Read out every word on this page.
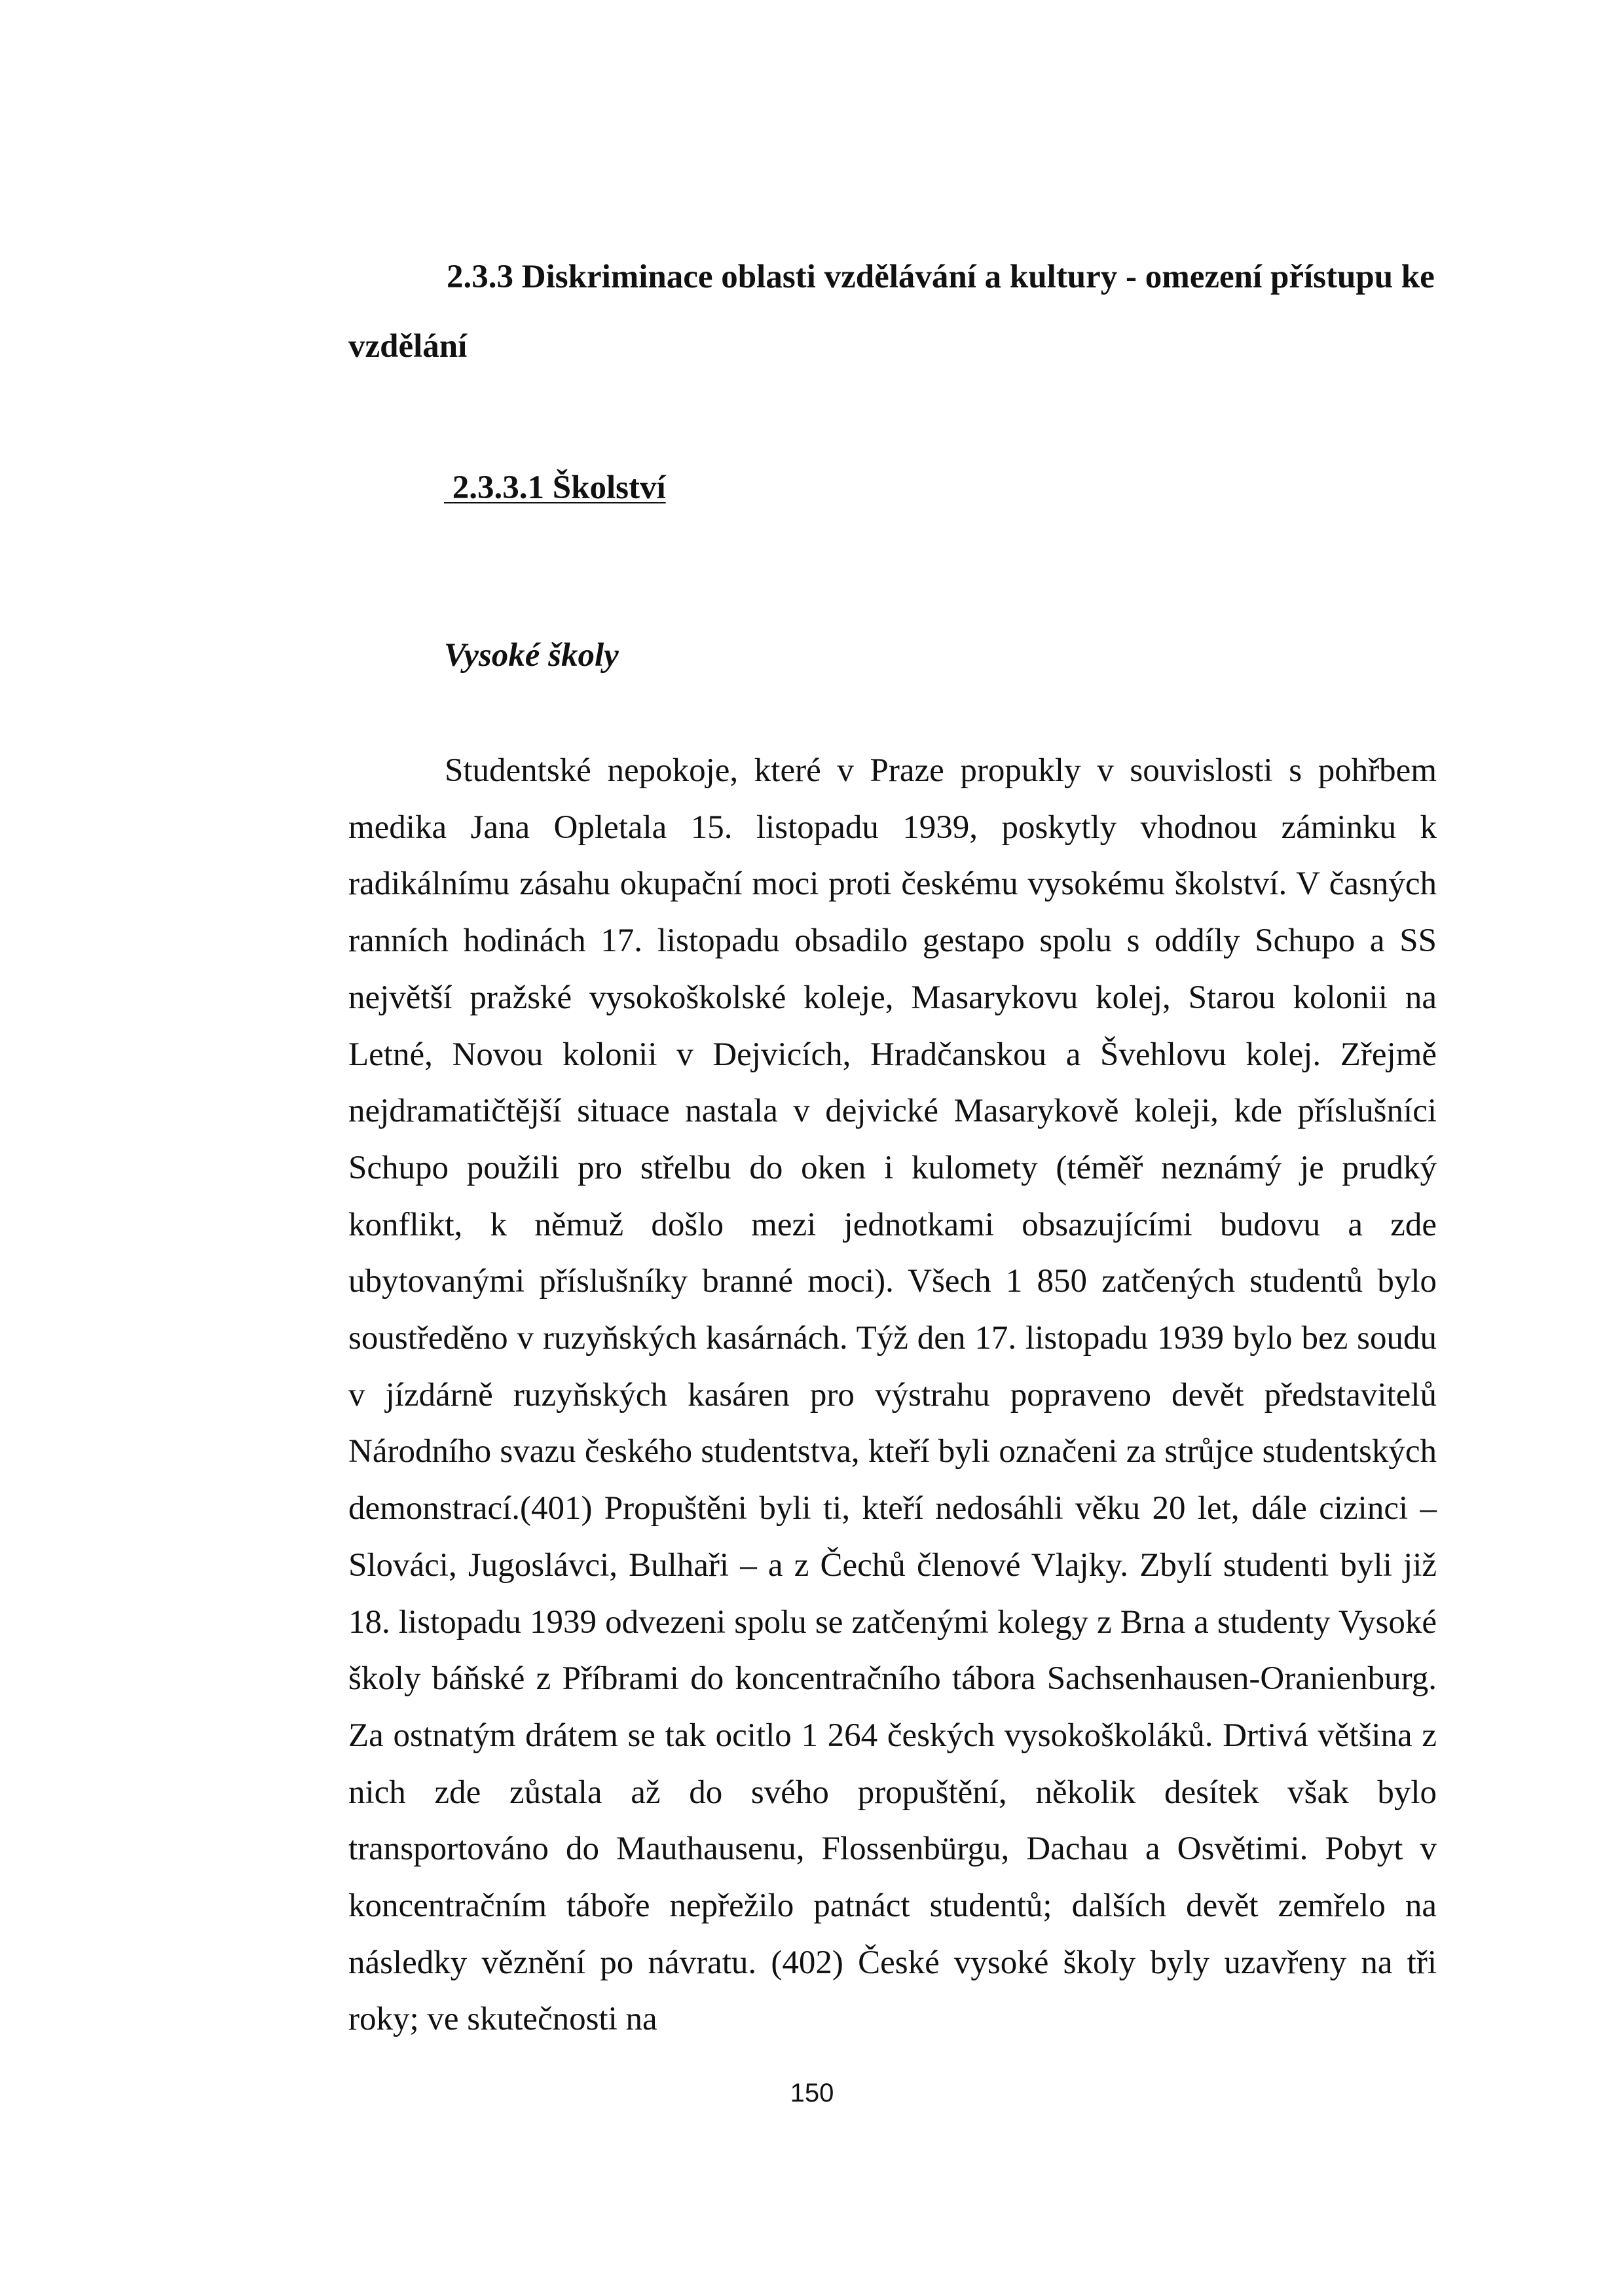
2.3.3 Diskriminace oblasti vzdělávání a kultury - omezení přístupu ke vzdělání
2.3.3.1 Školství
Vysoké školy

Studentské nepokoje, které v Praze propukly v souvislosti s pohřbem medika Jana Opletala 15. listopadu 1939, poskytly vhodnou záminku k radikálnímu zásahu okupační moci proti českému vysokému školství. V časných ranních hodinách 17. listopadu obsadilo gestapo spolu s oddíly Schupo a SS největší pražské vysokoškolské koleje, Masarykovu kolej, Starou kolonii na Letné, Novou kolonii v Dejvicích, Hradčanskou a Švehlovu kolej. Zřejmě nejdramatičtější situace nastala v dejvické Masarykově koleji, kde příslušníci Schupo použili pro střelbu do oken i kulomety (téměř neznámý je prudký konflikt, k němuž došlo mezi jednotkami obsazujícími budovu a zde ubytovanými příslušníky branné moci). Všech 1 850 zatčených studentů bylo soustředěno v ruzyňských kasárnách. Týž den 17. listopadu 1939 bylo bez soudu v jízdárně ruzyňských kasáren pro výstrahu popraveno devět představitelů Národního svazu českého studentstva, kteří byli označeni za strůjce studentských demonstrací.(401) Propuštěni byli ti, kteří nedosáhli věku 20 let, dále cizinci – Slováci, Jugoslávci, Bulhaři – a z Čechů členové Vlajky. Zbylí studenti byli již 18. listopadu 1939 odvezeni spolu se zatčenými kolegy z Brna a studenty Vysoké školy báňské z Příbrami do koncentračního tábora Sachsenhausen-Oranienburg. Za ostnatým drátem se tak ocitlo 1 264 českých vysokoškoláků. Drtivá většina z nich zde zůstala až do svého propuštění, několik desítek však bylo transportováno do Mauthausenu, Flossenbürgu, Dachau a Osvětimi. Pobyt v koncentračním táboře nepřežilo patnáct studentů; dalších devět zemřelo na následky věznění po návratu. (402) České vysoké školy byly uzavřeny na tři roky; ve skutečnosti na

150
